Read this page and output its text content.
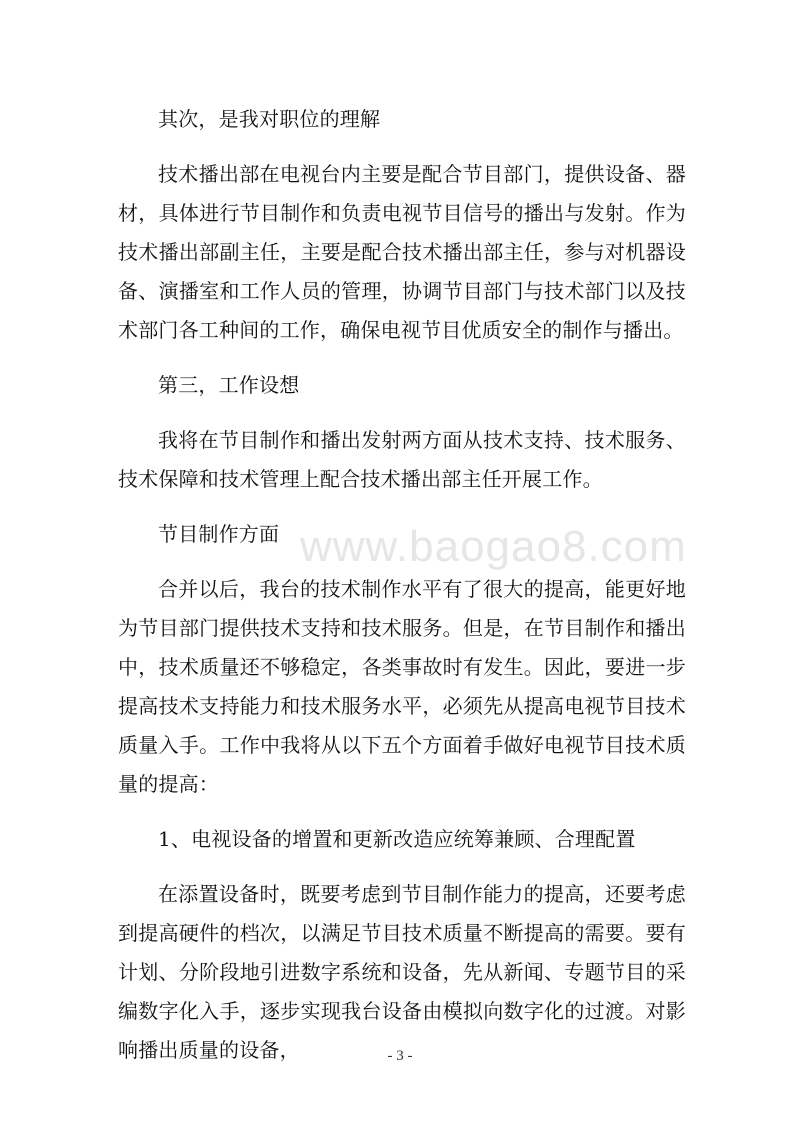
www.baogao8.com

其次，是我对职位的理解

技术播出部在电视台内主要是配合节目部门，提供设备、器材，具体进行节目制作和负责电视节目信号的播出与发射。作为技术播出部副主任，主要是配合技术播出部主任，参与对机器设备、演播室和工作人员的管理，协调节目部门与技术部门以及技术部门各工种间的工作，确保电视节目优质安全的制作与播出。

第三，工作设想

我将在节目制作和播出发射两方面从技术支持、技术服务、技术保障和技术管理上配合技术播出部主任开展工作。

节目制作方面

合并以后，我台的技术制作水平有了很大的提高，能更好地为节目部门提供技术支持和技术服务。但是，在节目制作和播出中，技术质量还不够稳定，各类事故时有发生。因此，要进一步提高技术支持能力和技术服务水平，必须先从提高电视节目技术质量入手。工作中我将从以下五个方面着手做好电视节目技术质量的提高：

1、电视设备的增置和更新改造应统筹兼顾、合理配置

在添置设备时，既要考虑到节目制作能力的提高，还要考虑到提高硬件的档次，以满足节目技术质量不断提高的需要。要有计划、分阶段地引进数字系统和设备，先从新闻、专题节目的采编数字化入手，逐步实现我台设备由模拟向数字化的过渡。对影响播出质量的设备，	- 3 -
